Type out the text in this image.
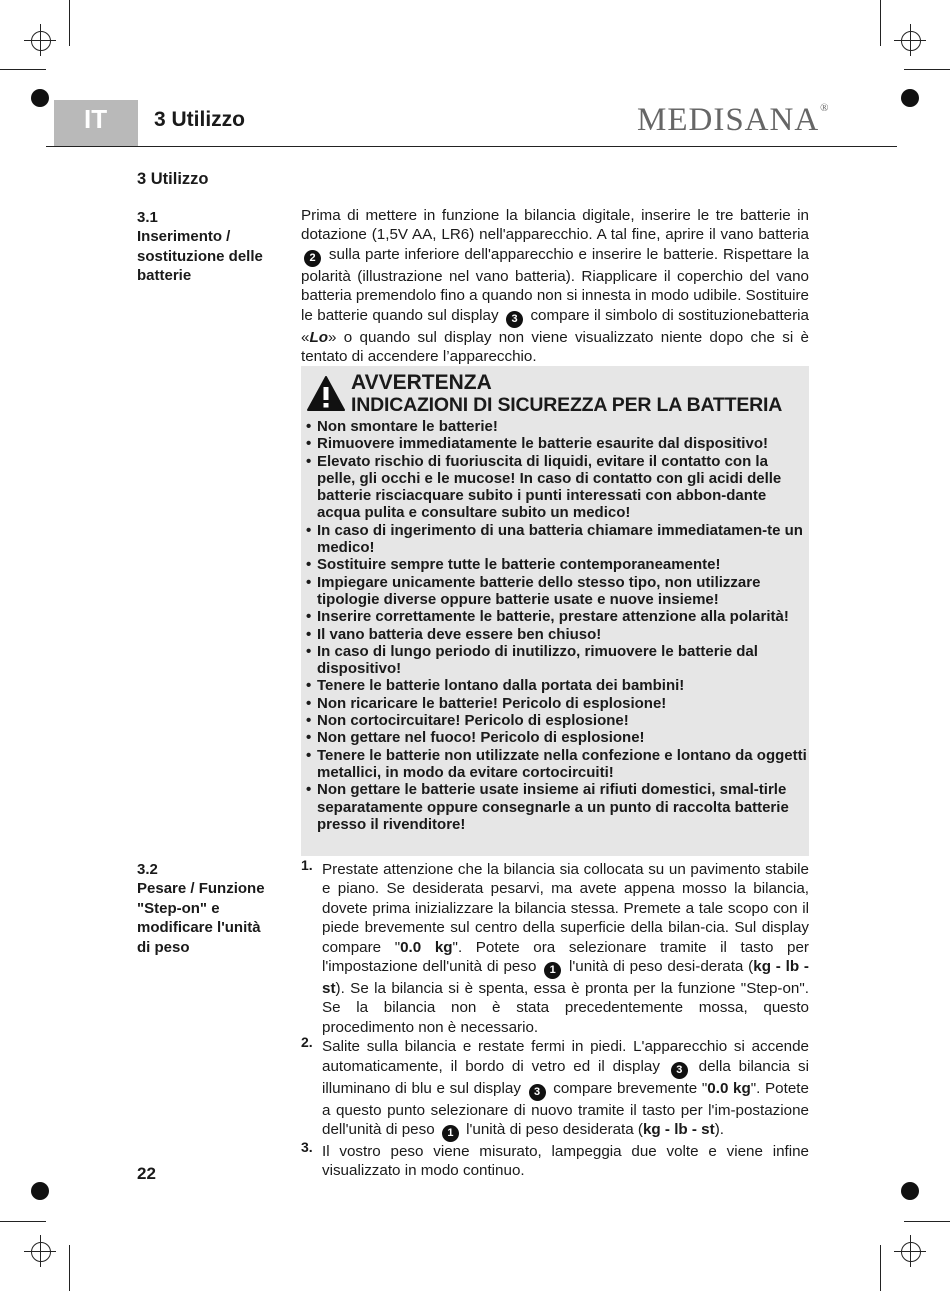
IT	3 Utilizzo	MEDISANA®
3 Utilizzo
3.1
Inserimento /
sostituzione delle
batterie
Prima di mettere in funzione la bilancia digitale, inserire le tre batterie in dotazione (1,5V AA, LR6) nell'apparecchio. A tal fine, aprire il vano batteria 2 sulla parte inferiore dell'apparecchio e inserire le batterie. Rispettare la polarità (illustrazione nel vano batteria). Riapplicare il coperchio del vano batteria premendolo fino a quando non si innesta in modo udibile. Sostituire le batterie quando sul display 3 compare il simbolo di sostituzionebatteria «Lo» o quando sul display non viene visualizzato niente dopo che si è tentato di accendere l’apparecchio.
AVVERTENZA
INDICAZIONI DI SICUREZZA PER LA BATTERIA
• Non smontare le batterie!
• Rimuovere immediatamente le batterie esaurite dal dispositivo!
• Elevato rischio di fuoriuscita di liquidi, evitare il contatto con la pelle, gli occhi e le mucose! In caso di contatto con gli acidi delle batterie risciacquare subito i punti interessati con abbon-dante acqua pulita e consultare subito un medico!
• In caso di ingerimento di una batteria chiamare immediatamen-te un medico!
• Sostituire sempre tutte le batterie contemporaneamente!
• Impiegare unicamente batterie dello stesso tipo, non utilizzare tipologie diverse oppure batterie usate e nuove insieme!
• Inserire correttamente le batterie, prestare attenzione alla polarità!
• Il vano batteria deve essere ben chiuso!
• In caso di lungo periodo di inutilizzo, rimuovere le batterie dal dispositivo!
• Tenere le batterie lontano dalla portata dei bambini!
• Non ricaricare le batterie! Pericolo di esplosione!
• Non cortocircuitare! Pericolo di esplosione!
• Non gettare nel fuoco! Pericolo di esplosione!
• Tenere le batterie non utilizzate nella confezione e lontano da oggetti metallici, in modo da evitare cortocircuiti!
• Non gettare le batterie usate insieme ai rifiuti domestici, smal-tirle separatamente oppure consegnarle a un punto di raccolta batterie presso il rivenditore!
3.2
Pesare / Funzione
"Step-on" e
modificare l'unità
di peso
1. Prestate attenzione che la bilancia sia collocata su un pavimento stabile e piano. Se desiderata pesarvi, ma avete appena mosso la bilancia, dovete prima inizializzare la bilancia stessa. Premete a tale scopo con il piede brevemente sul centro della superficie della bilan-cia. Sul display compare "0.0 kg". Potete ora selezionare tramite il tasto per l'impostazione dell'unità di peso 1 l'unità di peso desi-derata (kg - lb - st). Se la bilancia si è spenta, essa è pronta per la funzione "Step-on". Se la bilancia non è stata precedentemente mossa, questo procedimento non è necessario.
2. Salite sulla bilancia e restate fermi in piedi. L'apparecchio si accende automaticamente, il bordo di vetro ed il display 3 della bilancia si illuminano di blu e sul display 3 compare brevemente "0.0 kg". Potete a questo punto selezionare di nuovo tramite il tasto per l'im-postazione dell'unità di peso 1 l'unità di peso desiderata (kg - lb - st).
3. Il vostro peso viene misurato, lampeggia due volte e viene infine visualizzato in modo continuo.
22
